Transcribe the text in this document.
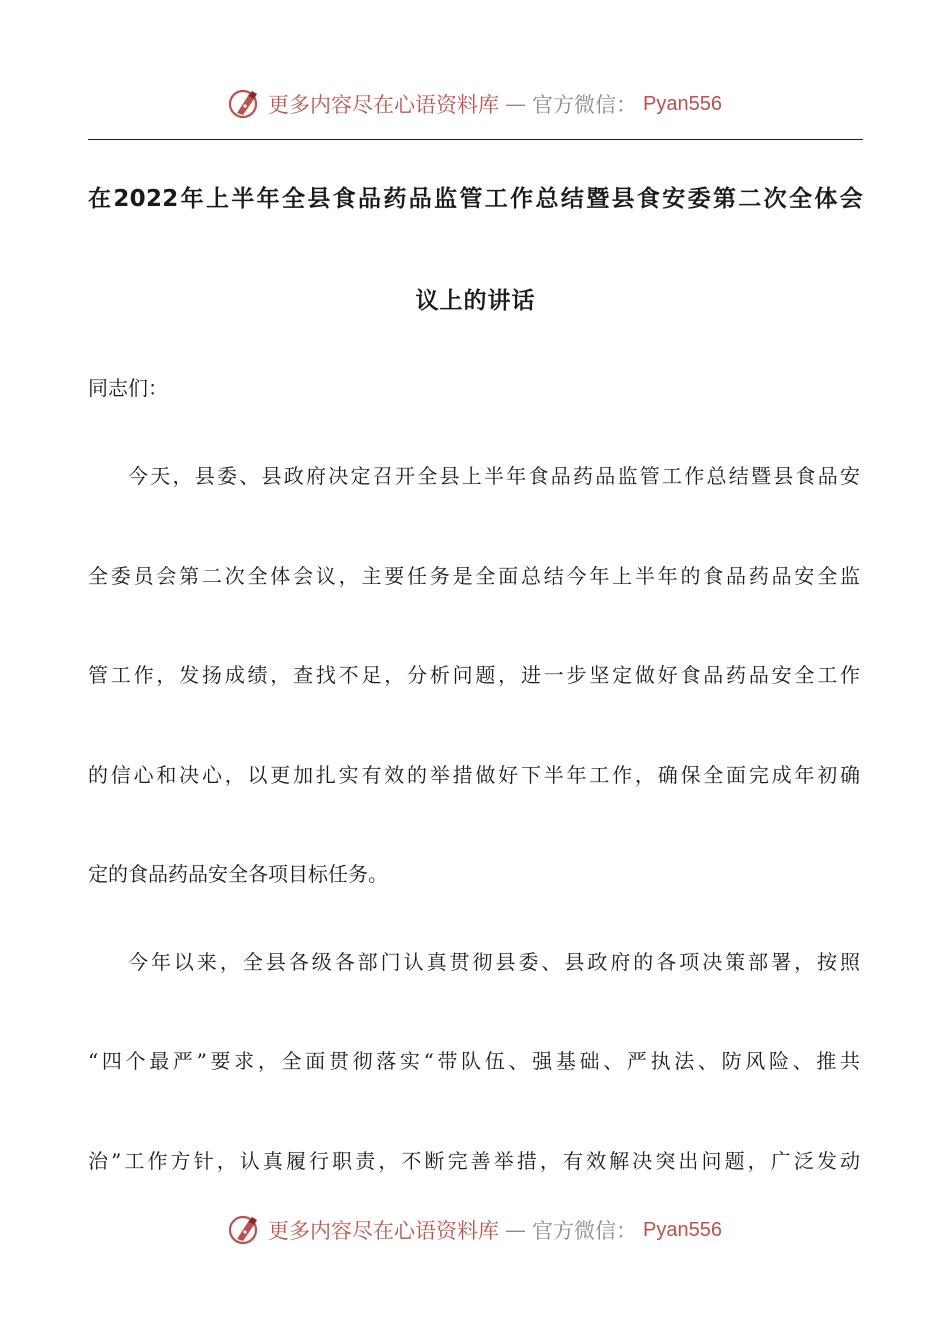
更多内容尽在心语资料库 — 官方微信： Pyan556
在2022年上半年全县食品药品监管工作总结暨县食安委第二次全体会
议上的讲话
同志们：
今天，县委、县政府决定召开全县上半年食品药品监管工作总结暨县食品安
全委员会第二次全体会议，主要任务是全面总结今年上半年的食品药品安全监
管工作，发扬成绩，查找不足，分析问题，进一步坚定做好食品药品安全工作
的信心和决心，以更加扎实有效的举措做好下半年工作，确保全面完成年初确
定的食品药品安全各项目标任务。
今年以来，全县各级各部门认真贯彻县委、县政府的各项决策部署，按照
“四个最严”要求，全面贯彻落实“带队伍、强基础、严执法、防风险、推共
治”工作方针，认真履行职责，不断完善举措，有效解决突出问题，广泛发动
更多内容尽在心语资料库 — 官方微信： Pyan556
